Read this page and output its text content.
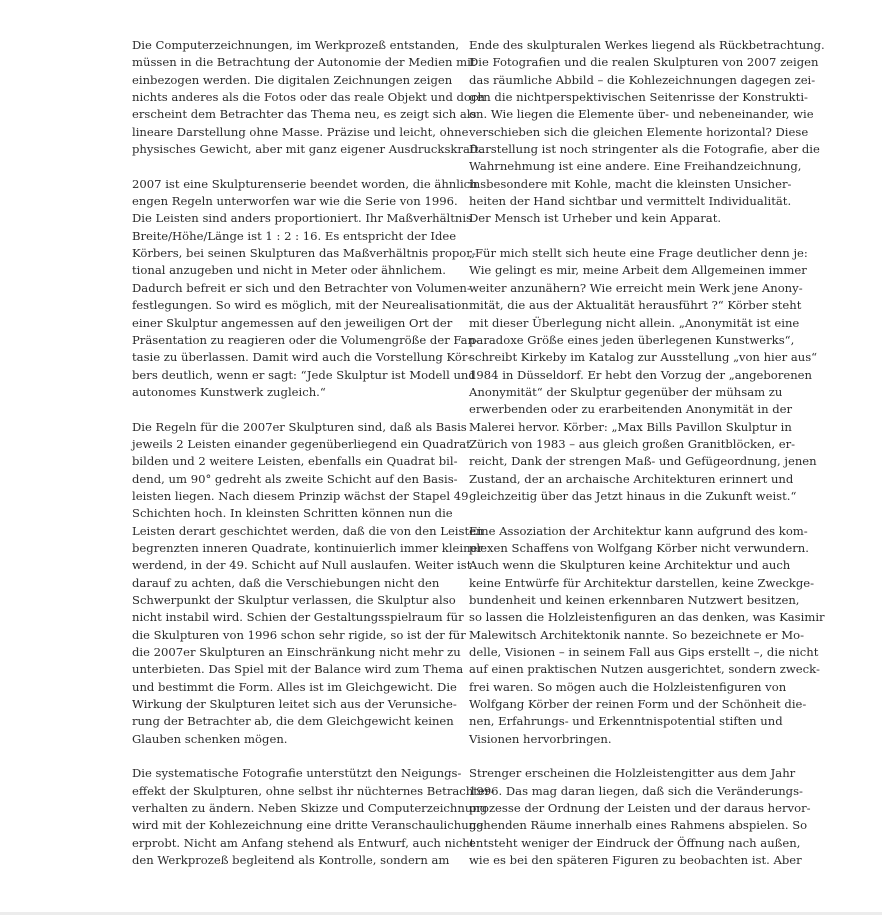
Die Computerzeichnungen, im Werkprozeß entstanden,
müssen in die Betrachtung der Autonomie der Medien mit
einbezogen werden. Die digitalen Zeichnungen zeigen
nichts anderes als die Fotos oder das reale Objekt und doch
erscheint dem Betrachter das Thema neu, es zeigt sich als
lineare Darstellung ohne Masse. Präzise und leicht, ohne
physisches Gewicht, aber mit ganz eigener Ausdruckskraft.

2007 ist eine Skulpturenserie beendet worden, die ähnlich
engen Regeln unterworfen war wie die Serie von 1996.
Die Leisten sind anders proportioniert. Ihr Maßverhältnis
Breite/Höhe/Länge ist 1 : 2 : 16. Es entspricht der Idee
Körbers, bei seinen Skulpturen das Maßverhältnis propor-
tional anzugeben und nicht in Meter oder ähnlichem.
Dadurch befreit er sich und den Betrachter von Volumen-
festlegungen. So wird es möglich, mit der Neurealisation
einer Skulptur angemessen auf den jeweiligen Ort der
Präsentation zu reagieren oder die Volumengröße der Fan-
tasie zu überlassen. Damit wird auch die Vorstellung Kör-
bers deutlich, wenn er sagt: “Jede Skulptur ist Modell und
autonomes Kunstwerk zugleich.“

Die Regeln für die 2007er Skulpturen sind, daß als Basis
jeweils 2 Leisten einander gegenüberliegend ein Quadrat
bilden und 2 weitere Leisten, ebenfalls ein Quadrat bil-
dend, um 90° gedreht als zweite Schicht auf den Basis-
leisten liegen. Nach diesem Prinzip wächst der Stapel 49
Schichten hoch. In kleinsten Schritten können nun die
Leisten derart geschichtet werden, daß die von den Leisten
begrenzten inneren Quadrate, kontinuierlich immer kleiner
werdend, in der 49. Schicht auf Null auslaufen. Weiter ist
darauf zu achten, daß die Verschiebungen nicht den
Schwerpunkt der Skulptur verlassen, die Skulptur also
nicht instabil wird. Schien der Gestaltungsspielraum für
die Skulpturen von 1996 schon sehr rigide, so ist der für
die 2007er Skulpturen an Einschränkung nicht mehr zu
unterbieten. Das Spiel mit der Balance wird zum Thema
und bestimmt die Form. Alles ist im Gleichgewicht. Die
Wirkung der Skulpturen leitet sich aus der Verunsiche-
rung der Betrachter ab, die dem Gleichgewicht keinen
Glauben schenken mögen.

Die systematische Fotografie unterstützt den Neigungs-
effekt der Skulpturen, ohne selbst ihr nüchternes Betrachter-
verhalten zu ändern. Neben Skizze und Computerzeichnung
wird mit der Kohlezeichnung eine dritte Veranschaulichung
erprobt. Nicht am Anfang stehend als Entwurf, auch nicht
den Werkprozeß begleitend als Kontrolle, sondern am

Ende des skulpturalen Werkes liegend als Rückbetrachtung.
Die Fotografien und die realen Skulpturen von 2007 zeigen
das räumliche Abbild – die Kohlezeichnungen dagegen zei-
gen die nichtperspektivischen Seitenrisse der Konstrukti-
on. Wie liegen die Elemente über- und nebeneinander, wie
verschieben sich die gleichen Elemente horizontal? Diese
Darstellung ist noch stringenter als die Fotografie, aber die
Wahrnehmung ist eine andere. Eine Freihandzeichnung,
insbesondere mit Kohle, macht die kleinsten Unsicher-
heiten der Hand sichtbar und vermittelt Individualität.
Der Mensch ist Urheber und kein Apparat.

„Für mich stellt sich heute eine Frage deutlicher denn je:
Wie gelingt es mir, meine Arbeit dem Allgemeinen immer
weiter anzunähern? Wie erreicht mein Werk jene Anony-
mität, die aus der Aktualität herausführt ?“ Körber steht
mit dieser Überlegung nicht allein. „Anonymität ist eine
paradoxe Größe eines jeden überlegenen Kunstwerks“,
schreibt Kirkeby im Katalog zur Ausstellung „von hier aus“
1984 in Düsseldorf. Er hebt den Vorzug der „angeborenen
Anonymität“ der Skulptur gegenüber der mühsam zu
erwerbenden oder zu erarbeitenden Anonymität in der
Malerei hervor. Körber: „Max Bills Pavillon Skulptur in
Zürich von 1983 – aus gleich großen Granitblöcken, er-
reicht, Dank der strengen Maß- und Gefügeordnung, jenen
Zustand, der an archaische Architekturen erinnert und
gleichzeitig über das Jetzt hinaus in die Zukunft weist.“

Eine Assoziation der Architektur kann aufgrund des kom-
plexen Schaffens von Wolfgang Körber nicht verwundern.
Auch wenn die Skulpturen keine Architektur und auch
keine Entwürfe für Architektur darstellen, keine Zweckge-
bundenheit und keinen erkennbaren Nutzwert besitzen,
so lassen die Holzleistenfiguren an das denken, was Kasimir
Malewitsch Architektonik nannte. So bezeichnete er Mo-
delle, Visionen – in seinem Fall aus Gips erstellt –, die nicht
auf einen praktischen Nutzen ausgerichtet, sondern zweck-
frei waren. So mögen auch die Holzleistenfiguren von
Wolfgang Körber der reinen Form und der Schönheit die-
nen, Erfahrungs- und Erkenntnispotential stiften und
Visionen hervorbringen.

Strenger erscheinen die Holzleistengitter aus dem Jahr
1996. Das mag daran liegen, daß sich die Veränderungs-
prozesse der Ordnung der Leisten und der daraus hervor-
gehenden Räume innerhalb eines Rahmens abspielen. So
entsteht weniger der Eindruck der Öffnung nach außen,
wie es bei den späteren Figuren zu beobachten ist. Aber
